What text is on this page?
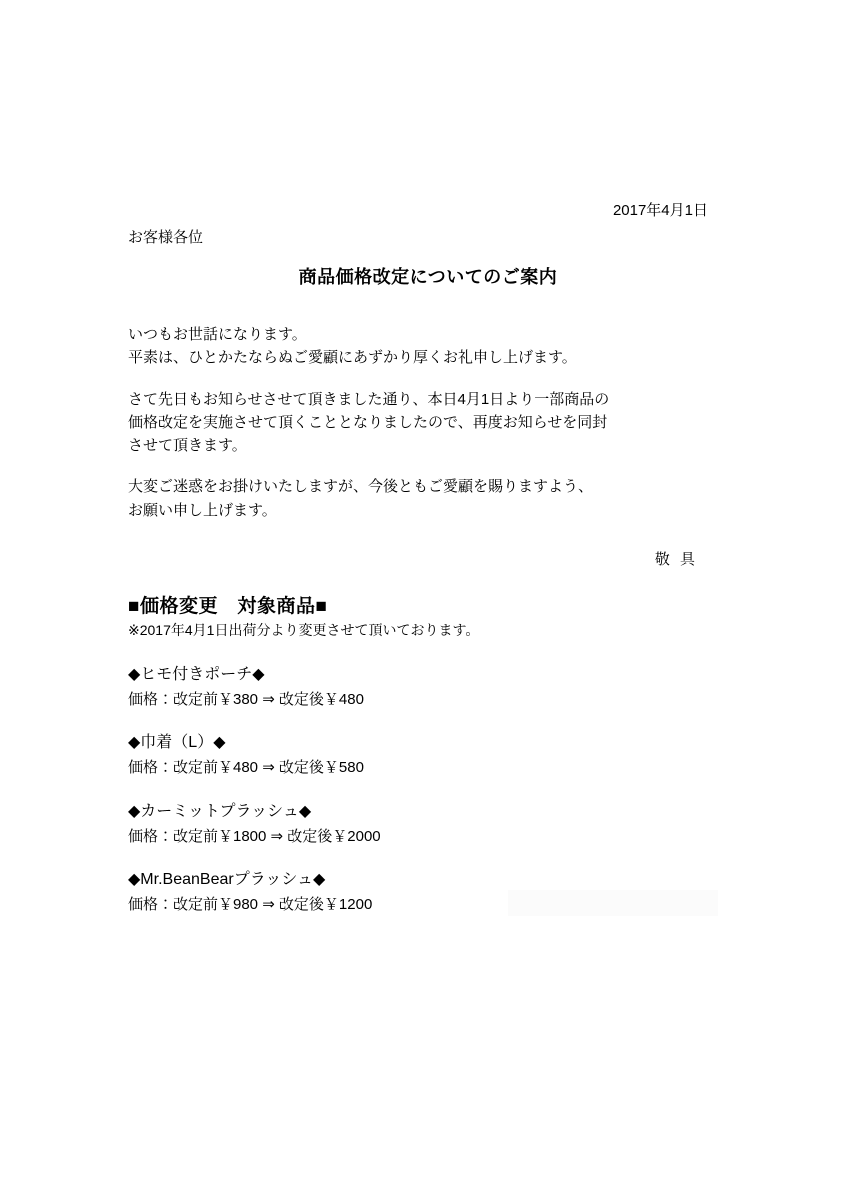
2017年4月1日

お客様各位

商品価格改定についてのご案内
いつもお世話になります。
平素は、ひとかたならぬご愛顧にあずかり厚くお礼申し上げます。
さて先日もお知らせさせて頂きました通り、本日4月1日より一部商品の
価格改定を実施させて頂くこととなりましたので、再度お知らせを同封
させて頂きます。
大変ご迷惑をお掛けいたしますが、今後ともご愛顧を賜りますよう、
お願い申し上げます。

敬 具

■価格変更　対象商品■

※2017年4月1日出荷分より変更させて頂いております。

◆ヒモ付きポーチ◆

価格：改定前￥380 ⇒ 改定後￥480

◆巾着（L）◆

価格：改定前￥480 ⇒ 改定後￥580

◆カーミットプラッシュ◆

価格：改定前￥1800 ⇒ 改定後￥2000

◆Mr.BeanBearプラッシュ◆

価格：改定前￥980 ⇒ 改定後￥1200
